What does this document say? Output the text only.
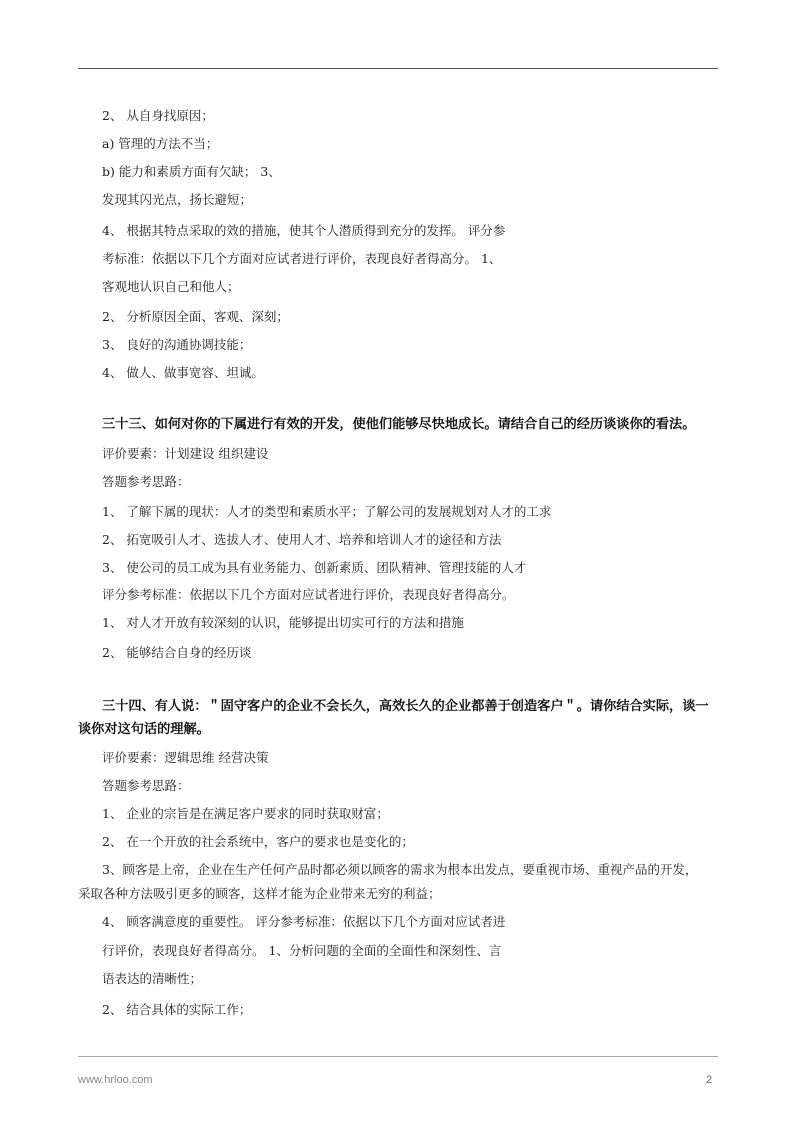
2、 从自身找原因；
a) 管理的方法不当；
b) 能力和素质方面有欠缺； 3、
发现其闪光点，扬长避短；
4、 根据其特点采取的效的措施，使其个人潜质得到充分的发挥。 评分参
考标准：依据以下几个方面对应试者进行评价，表现良好者得高分。 1、
客观地认识自己和他人；
2、 分析原因全面、客观、深刻；
3、 良好的沟通协调技能；
4、 做人、做事宽容、坦诚。
三十三、如何对你的下属进行有效的开发，使他们能够尽快地成长。请结合自己的经历谈谈你的看法。
评价要素：计划建设 组织建设
答题参考思路：
1、 了解下属的现状：人才的类型和素质水平；了解公司的发展规划对人才的工求
2、 拓宽吸引人才、选拔人才、使用人才、培养和培训人才的途径和方法
3、 使公司的员工成为具有业务能力、创新素质、团队精神、管理技能的人才
评分参考标准：依据以下几个方面对应试者进行评价，表现良好者得高分。
1、 对人才开放有较深刻的认识，能够提出切实可行的方法和措施
2、 能够结合自身的经历谈
三十四、有人说：＂固守客户的企业不会长久，高效长久的企业都善于创造客户＂。请你结合实际，谈一
谈你对这句话的理解。
评价要素：逻辑思维 经营决策
答题参考思路：
1、 企业的宗旨是在满足客户要求的同时获取财富；
2、 在一个开放的社会系统中，客户的要求也是变化的；
3、顾客是上帝，企业在生产任何产品时都必须以顾客的需求为根本出发点，要重视市场、重视产品的开发，
采取各种方法吸引更多的顾客，这样才能为企业带来无穷的利益；
4、 顾客满意度的重要性。 评分参考标准：依据以下几个方面对应试者进
行评价，表现良好者得高分。 1、分析问题的全面的全面性和深刻性、言
语表达的清晰性；
2、 结合具体的实际工作；
www.hrloo.com	2
